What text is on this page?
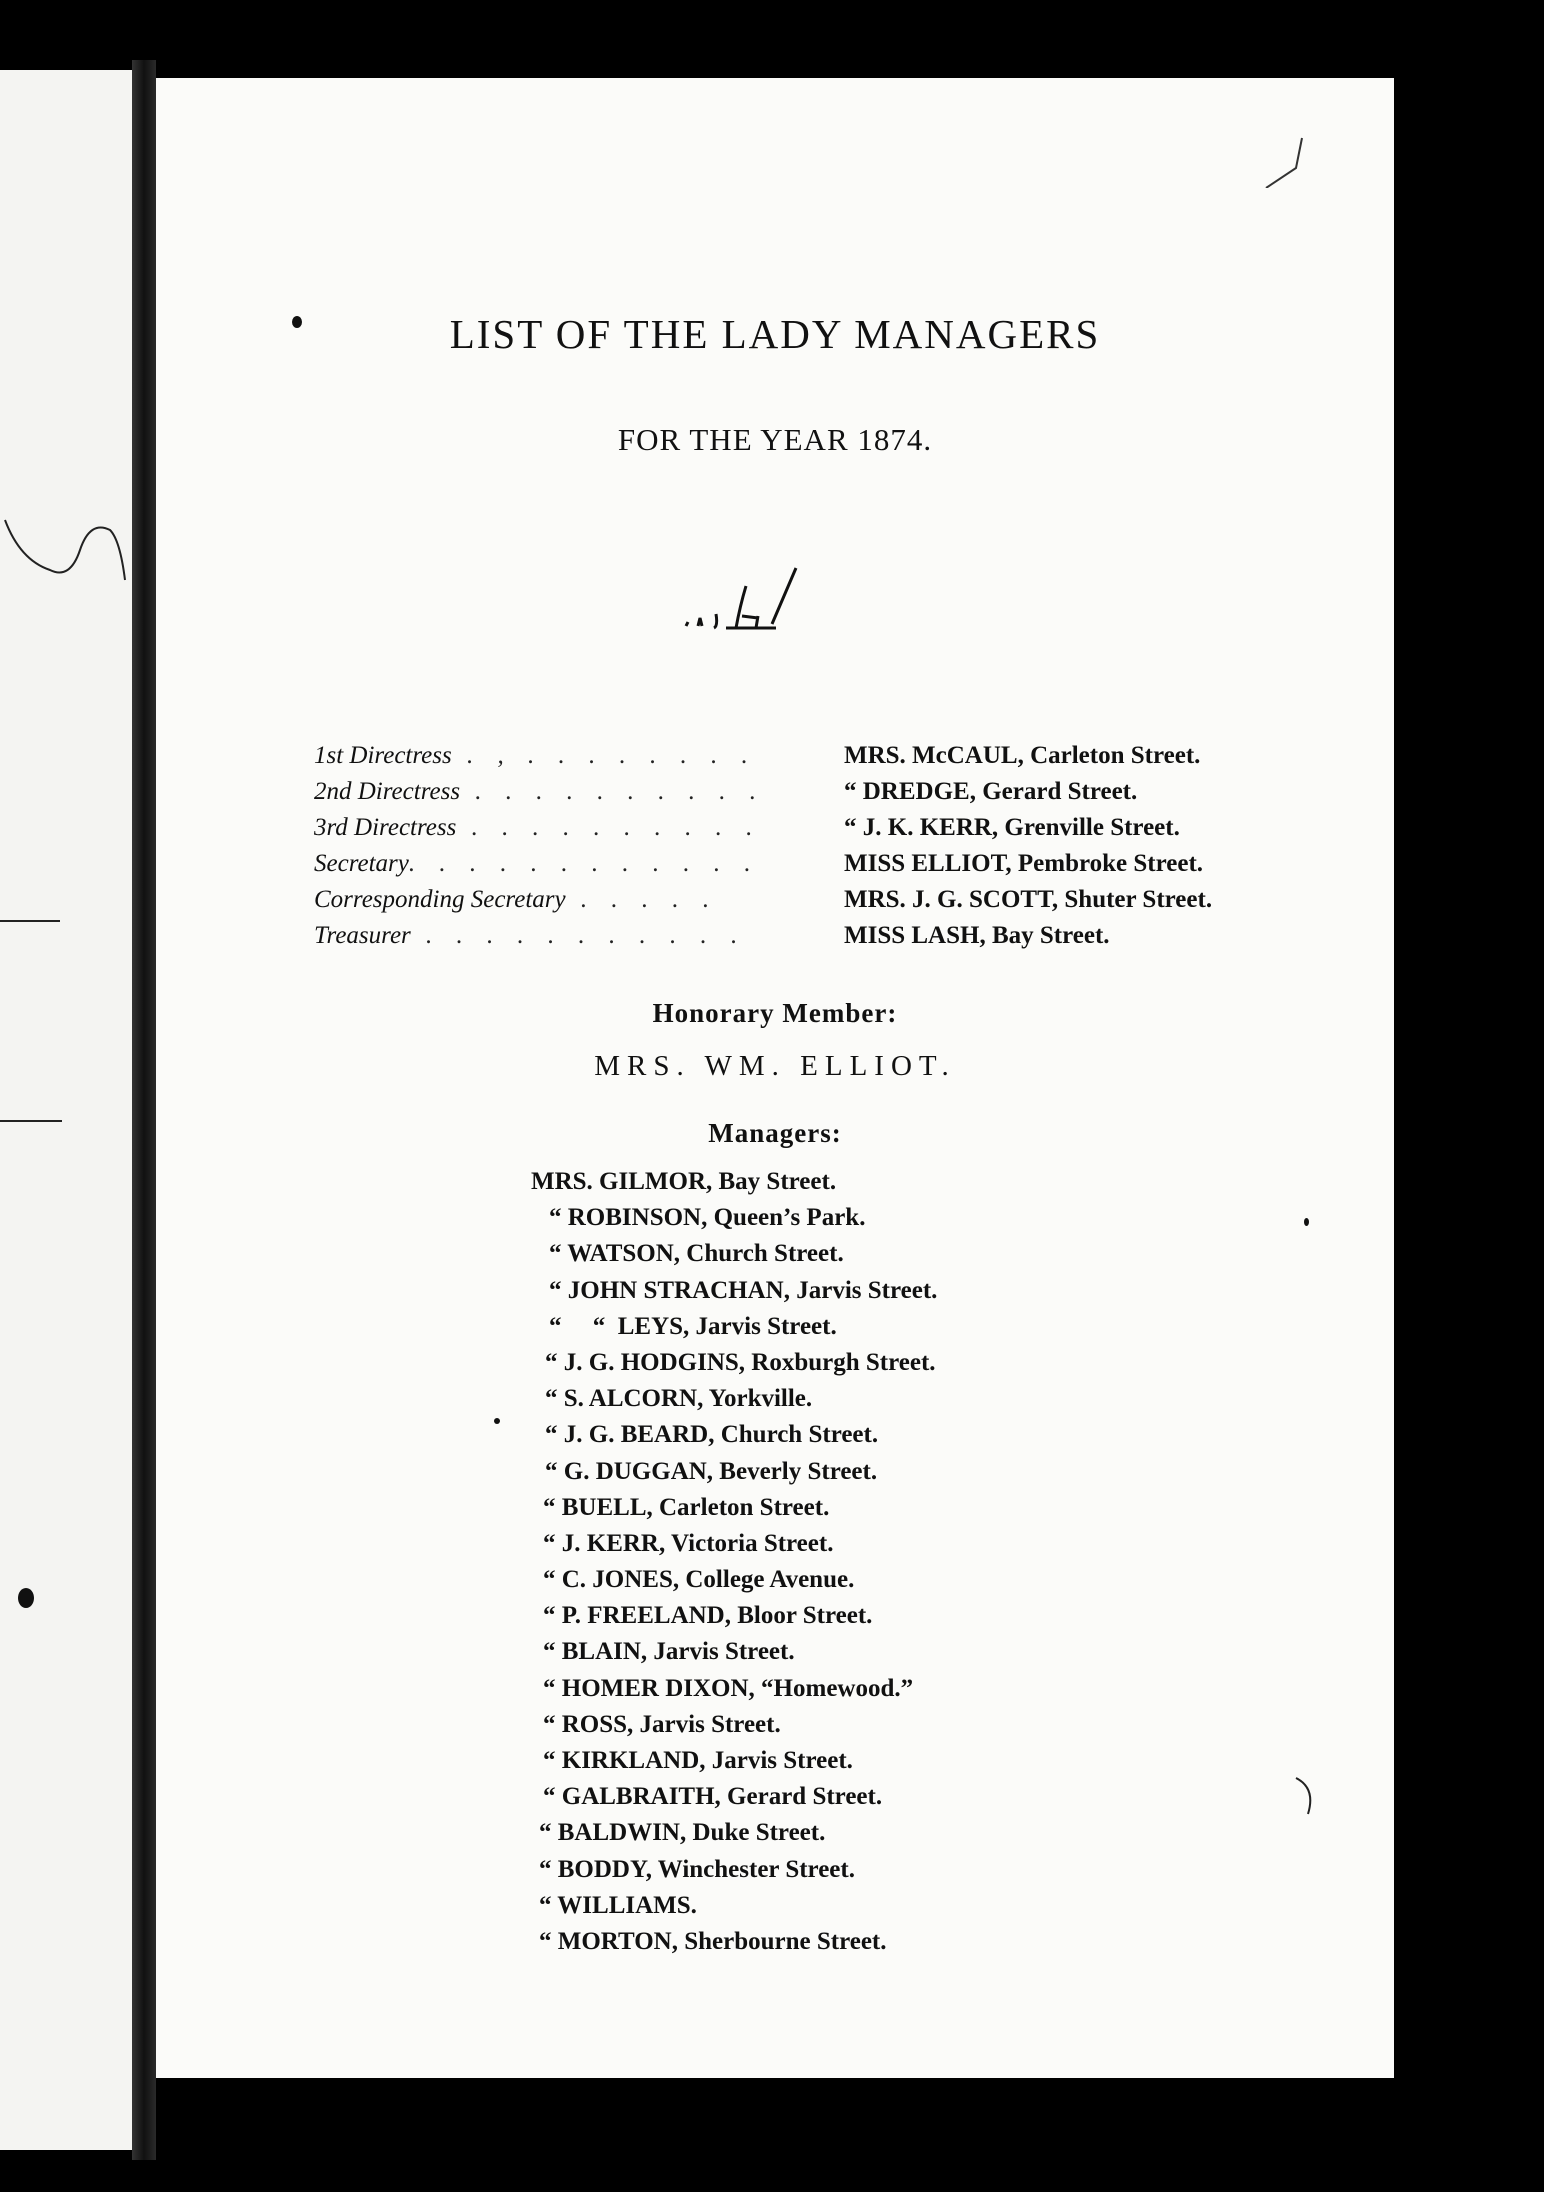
LIST OF THE LADY MANAGERS
FOR THE YEAR 1874.
1st Directress . , . . . . . . . .	MRS. McCAUL, Carleton Street.
2nd Directress . . . . . . . . . .	“ DREDGE, Gerard Street.
3rd Directress . . . . . . . . . .	“ J. K. KERR, Grenville Street.
Secretary. . . . . . . . . . . .	MISS ELLIOT, Pembroke Street.
Corresponding Secretary . . . . .	MRS. J. G. SCOTT, Shuter Street.
Treasurer . . . . . . . . . . .	MISS LASH, Bay Street.
Honorary Member:
MRS. WM. ELLIOT.
Managers:
MRS. GILMOR, Bay Street.
“ ROBINSON, Queen’s Park.
“ WATSON, Church Street.
“ JOHN STRACHAN, Jarvis Street.
“     “  LEYS, Jarvis Street.
“ J. G. HODGINS, Roxburgh Street.
“ S. ALCORN, Yorkville.
“ J. G. BEARD, Church Street.
“ G. DUGGAN, Beverly Street.
“ BUELL, Carleton Street.
“ J. KERR, Victoria Street.
“ C. JONES, College Avenue.
“ P. FREELAND, Bloor Street.
“ BLAIN, Jarvis Street.
“ HOMER DIXON, “Homewood.”
“ ROSS, Jarvis Street.
“ KIRKLAND, Jarvis Street.
“ GALBRAITH, Gerard Street.
“ BALDWIN, Duke Street.
“ BODDY, Winchester Street.
“ WILLIAMS.
“ MORTON, Sherbourne Street.
